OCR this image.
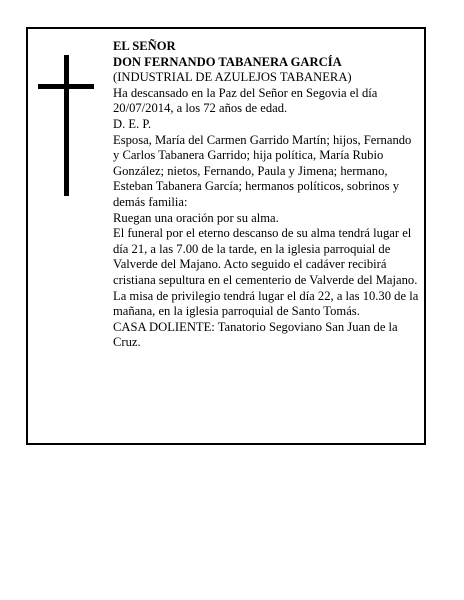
EL SEÑOR

DON FERNANDO TABANERA GARCÍA

(INDUSTRIAL DE AZULEJOS TABANERA)

Ha descansado en la Paz del Señor en Segovia el día 20/07/2014, a los 72 años de edad.

D. E. P.

Esposa, María del Carmen Garrido Martín; hijos, Fernando y Carlos Tabanera Garrido; hija política, María Rubio González; nietos, Fernando, Paula y Jimena; hermano, Esteban Tabanera García; hermanos políticos, sobrinos y demás familia:

Ruegan una oración por su alma.

El funeral por el eterno descanso de su alma tendrá lugar el día 21, a las 7.00 de la tarde, en la iglesia parroquial de Valverde del Majano. Acto seguido el cadáver recibirá cristiana sepultura en el cementerio de Valverde del Majano. La misa de privilegio tendrá lugar el día 22, a las 10.30 de la mañana, en la iglesia parroquial de Santo Tomás.

CASA DOLIENTE: Tanatorio Segoviano San Juan de la Cruz.
